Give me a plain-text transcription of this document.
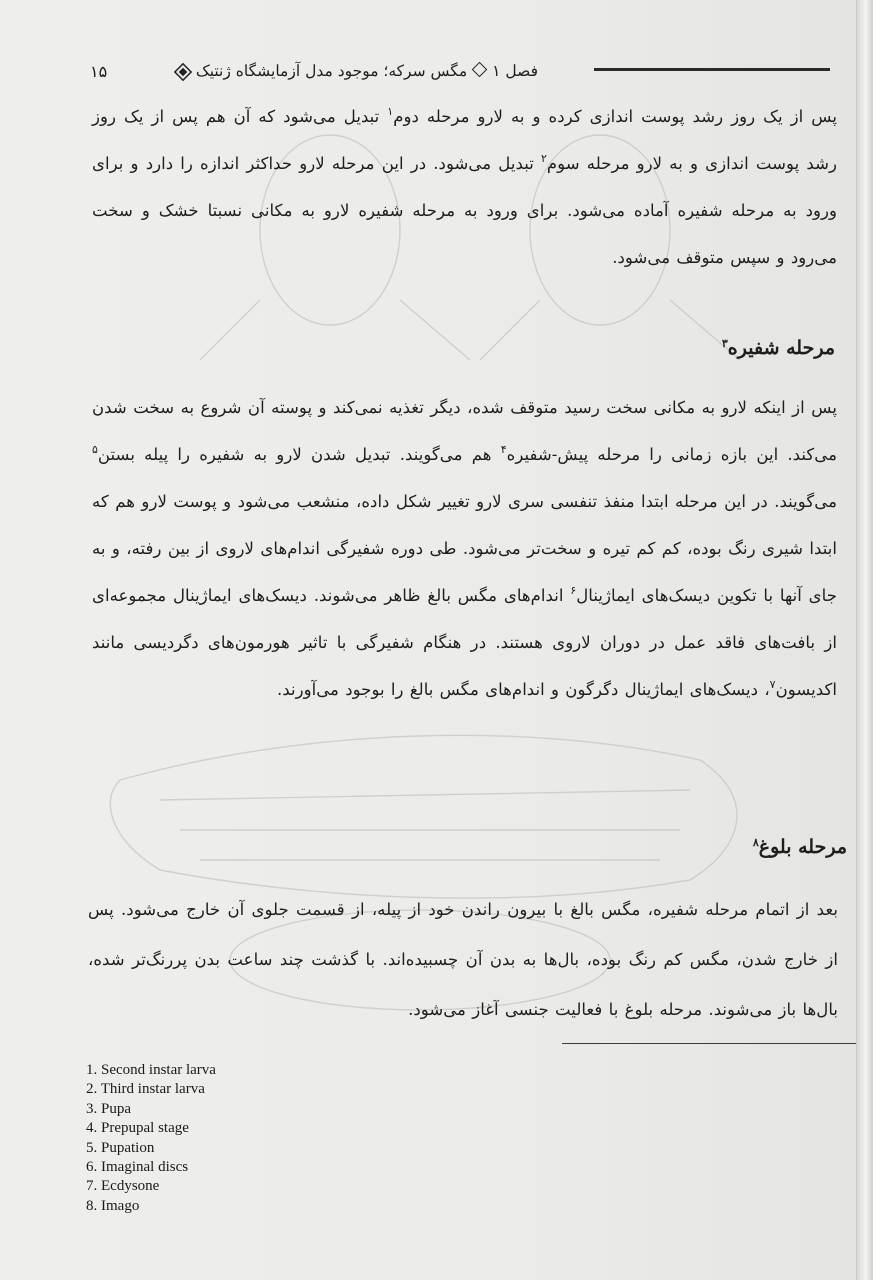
فصل ۱مگس سرکه؛ موجود مدل آزمایشگاه ژنتیک
۱۵

پس از یک روز رشد پوست اندازی کرده و به لارو مرحله دوم$^۱$ تبدیل می‌شود که آن هم پس از یک روز رشد پوست اندازی و به لارو مرحله سوم$^۲$ تبدیل می‌شود. در این مرحله لارو حداکثر اندازه را دارد و برای ورود به مرحله شفیره آماده می‌شود. برای ورود به مرحله شفیره لارو به مکانی نسبتا خشک و سخت می‌رود و سپس متوقف می‌شود.

مرحله شفیره$^۳$

پس از اینکه لارو به مکانی سخت رسید متوقف شده، دیگر تغذیه نمی‌کند و پوسته آن شروع به سخت شدن می‌کند. این بازه زمانی را مرحله پیش-شفیره$^۴$ هم می‌گویند. تبدیل شدن لارو به شفیره را پیله بستن$^۵$ می‌گویند. در این مرحله ابتدا منفذ تنفسی سری لارو تغییر شکل داده، منشعب می‌شود و پوست لارو هم که ابتدا شیری رنگ بوده، کم کم تیره و سخت‌تر می‌شود. طی دوره شفیرگی اندام‌های لاروی از بین رفته، و به جای آنها با تکوین دیسک‌های ایماژینال$^۶$ اندام‌های مگس بالغ ظاهر می‌شوند. دیسک‌های ایماژینال مجموعه‌ای از بافت‌های فاقد عمل در دوران لاروی هستند. در هنگام شفیرگی با تاثیر هورمون‌های دگردیسی مانند اکدیسون$^۷$، دیسک‌های ایماژینال دگرگون و اندام‌های مگس بالغ را بوجود می‌آورند.

مرحله بلوغ$^۸$

بعد از اتمام مرحله شفیره، مگس بالغ با بیرون راندن خود از پیله، از قسمت جلوی آن خارج می‌شود. پس از خارج شدن، مگس کم رنگ بوده، بال‌ها به بدن آن چسبیده‌اند. با گذشت چند ساعت بدن پررنگ‌تر شده، بال‌ها باز می‌شوند. مرحله بلوغ با فعالیت جنسی آغاز می‌شود.

1. Second instar larva
2. Third instar larva
3. Pupa
4. Prepupal stage
5. Pupation
6. Imaginal discs
7. Ecdysone
8. Imago
